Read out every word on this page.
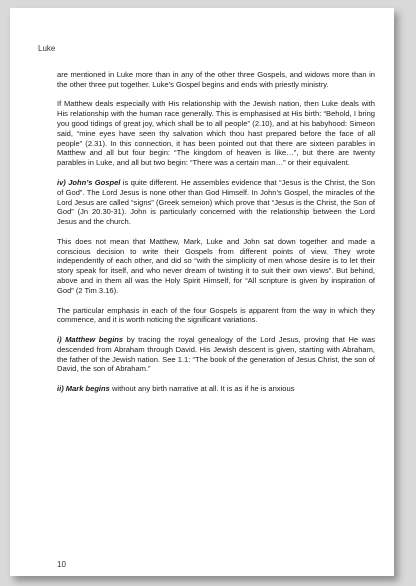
Luke

are mentioned in Luke more than in any of the other three Gospels, and widows more than in the other three put together. Luke’s Gospel begins and ends with priestly ministry.

If Matthew deals especially with His relationship with the Jewish nation, then Luke deals with His relationship with the human race generally. This is emphasised at His birth: “Behold, I bring you good tidings of great joy, which shall be to all people” (2.10), and at his babyhood: Simeon said, “mine eyes have seen thy salvation which thou hast prepared before the face of all people” (2.31). In this connection, it has been pointed out that there are sixteen parables in Matthew and all but four begin: “The kingdom of heaven is like…”, but there are twenty parables in Luke, and all but two begin: “There was a certain man…” or their equivalent.

iv) John’s Gospel is quite different. He assembles evidence that “Jesus is the Christ, the Son of God”. The Lord Jesus is none other than God Himself. In John’s Gospel, the miracles of the Lord Jesus are called “signs” (Greek semeion) which prove that “Jesus is the Christ, the Son of God” (Jn 20.30-31). John is particularly concerned with the relationship between the Lord Jesus and the church.

This does not mean that Matthew, Mark, Luke and John sat down together and made a conscious decision to write their Gospels from different points of view. They wrote independently of each other, and did so “with the simplicity of men whose desire is to let their story speak for itself, and who never dream of twisting it to suit their own views”. But behind, above and in them all was the Holy Spirit Himself, for “All scripture is given by inspiration of God” (2 Tim 3.16).

The particular emphasis in each of the four Gospels is apparent from the way in which they commence, and it is worth noticing the significant variations.

i) Matthew begins by tracing the royal genealogy of the Lord Jesus, proving that He was descended from Abraham through David. His Jewish descent is given, starting with Abraham, the father of the Jewish nation. See 1.1: “The book of the generation of Jesus Christ, the son of David, the son of Abraham.”

ii) Mark begins without any birth narrative at all. It is as if he is anxious

10
